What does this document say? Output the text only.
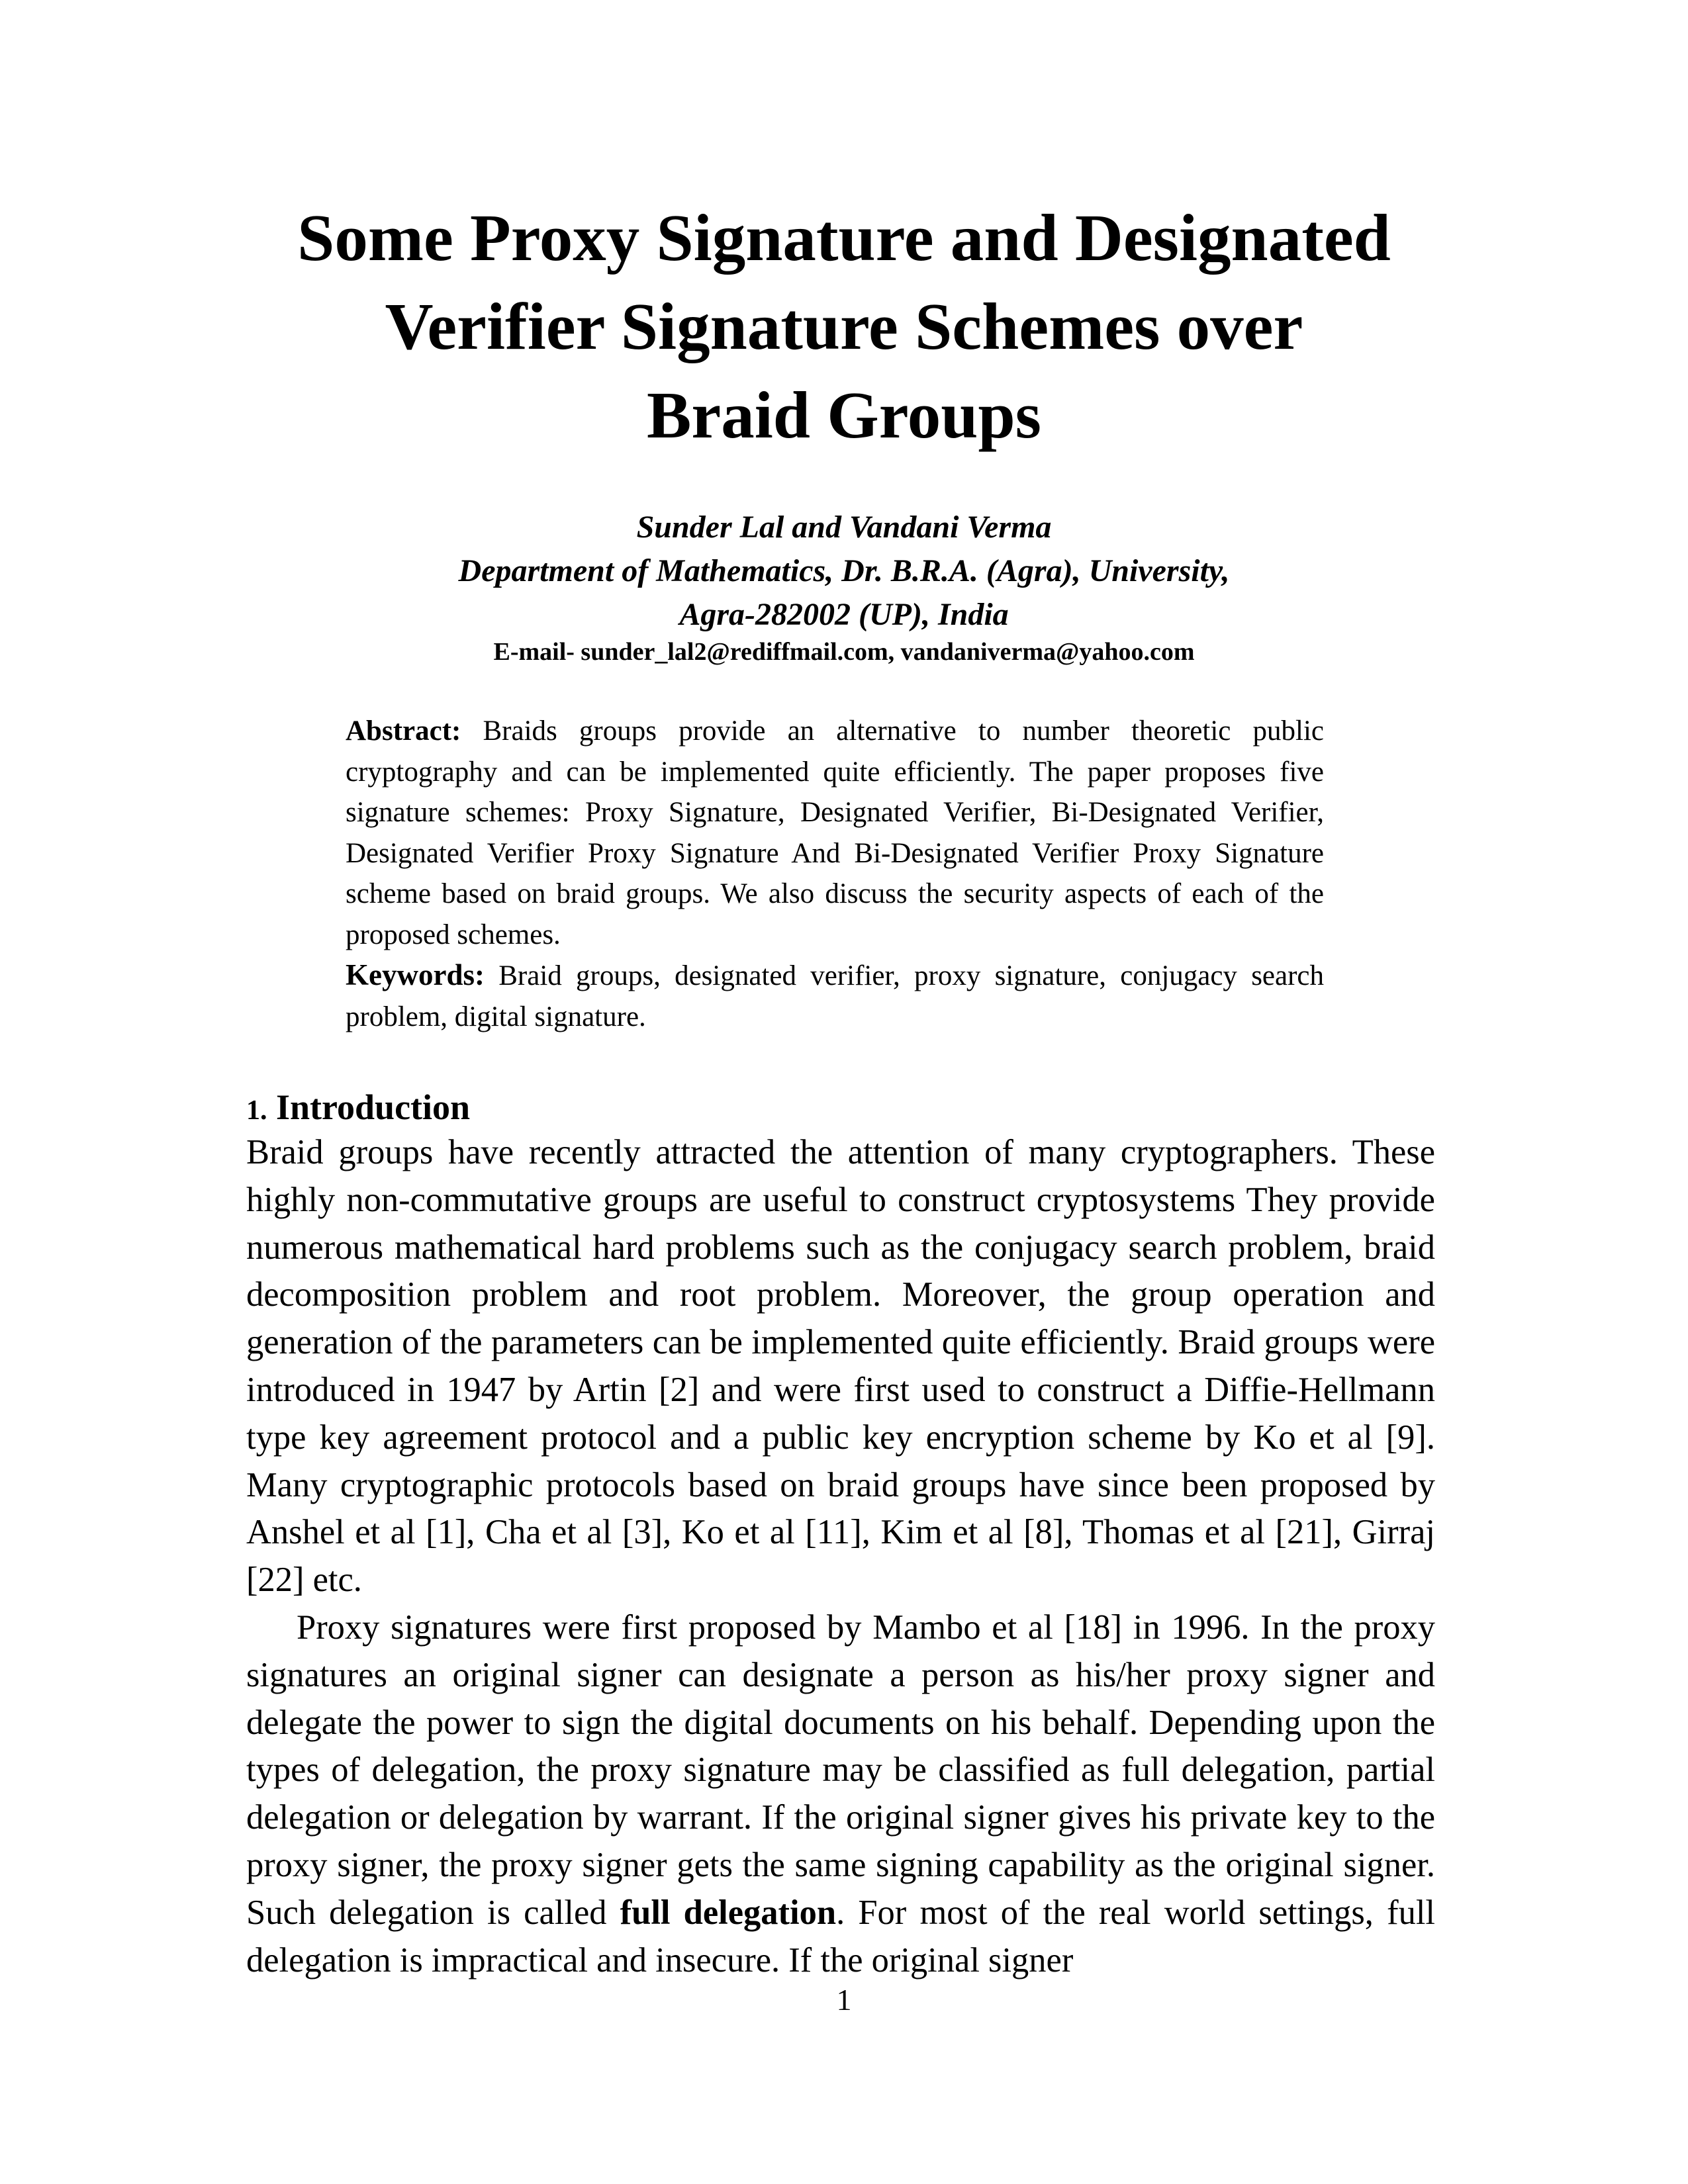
Some Proxy Signature and Designated
Verifier Signature Schemes over
Braid Groups
Sunder Lal and Vandani Verma
Department of Mathematics, Dr. B.R.A. (Agra), University,
Agra-282002 (UP), India
E-mail- sunder_lal2@rediffmail.com, vandaniverma@yahoo.com

Abstract: Braids groups provide an alternative to number theoretic public cryptography and can be implemented quite efficiently. The paper proposes five signature schemes: Proxy Signature, Designated Verifier, Bi-Designated Verifier, Designated Verifier Proxy Signature And Bi-Designated Verifier Proxy Signature scheme based on braid groups. We also discuss the security aspects of each of the proposed schemes.

Keywords: Braid groups, designated verifier, proxy signature, conjugacy search problem, digital signature.

1. Introduction

Braid groups have recently attracted the attention of many cryptographers. These highly non-commutative groups are useful to construct cryptosystems They provide numerous mathematical hard problems such as the conjugacy search problem, braid decomposition problem and root problem. Moreover, the group operation and generation of the parameters can be implemented quite efficiently. Braid groups were introduced in 1947 by Artin [2] and were first used to construct a Diffie-Hellmann type key agreement protocol and a public key encryption scheme by Ko et al [9]. Many cryptographic protocols based on braid groups have since been proposed by Anshel et al [1], Cha et al [3], Ko et al [11], Kim et al [8], Thomas et al [21], Girraj [22] etc.

Proxy signatures were first proposed by Mambo et al [18] in 1996. In the proxy signatures an original signer can designate a person as his/her proxy signer and delegate the power to sign the digital documents on his behalf. Depending upon the types of delegation, the proxy signature may be classified as full delegation, partial delegation or delegation by warrant. If the original signer gives his private key to the proxy signer, the proxy signer gets the same signing capability as the original signer. Such delegation is called full delegation. For most of the real world settings, full delegation is impractical and insecure. If the original signer

1
